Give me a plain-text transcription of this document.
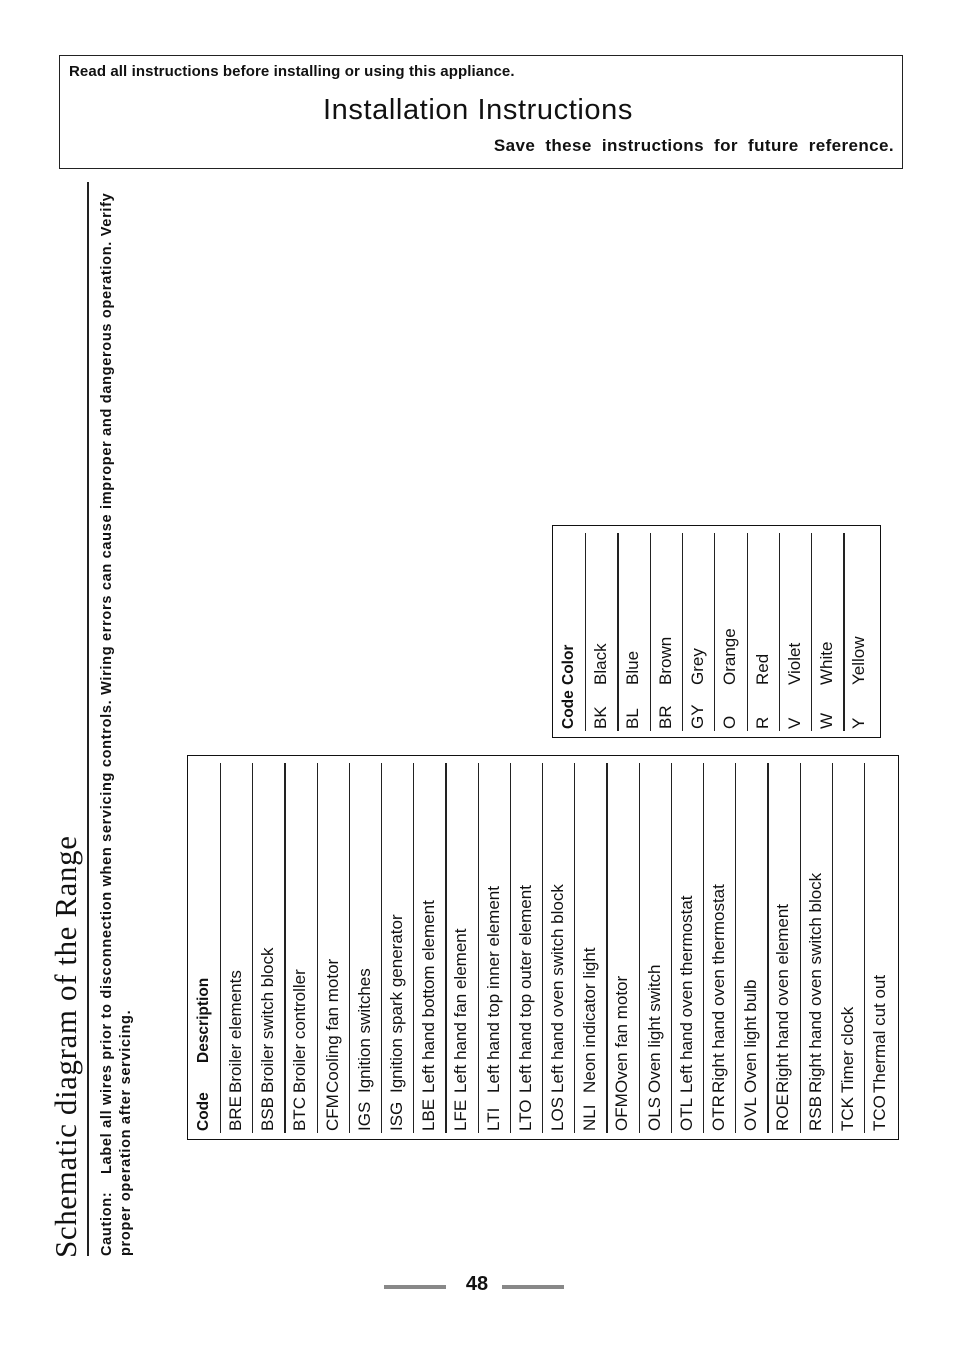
Read all instructions before installing or using this appliance.
Installation Instructions
Save these instructions for future reference.
Schematic diagram of the Range Caution:Label all wires prior to disconnection when servicing controls. Wiring errors can cause improper and dangerous operation. Verify proper operation after servicing.	Code
Description
BRE
Broiler elements
BSB
Broiler switch block
BTC
Broiler controller
CFM
Cooling fan motor
IGS
Ignition switches
ISG
Ignition spark generator
LBE
Left hand bottom element
LFE
Left hand fan element
LTI
Left hand top inner element
LTO
Left hand top outer element
LOS
Left hand oven switch block
NLI
Neon indicator light
OFM
Oven fan motor
OLS
Oven light switch
OTL
Left hand oven thermostat
OTR
Right hand oven thermostat
OVL
Oven light bulb
ROE
Right hand oven element
RSB
Right hand oven switch block
TCK
Timer clock
TCO
Thermal cut out
Code
Color
BK
Black
BL
Blue
BR
Brown
GY
Grey
O
Orange
R
Red
V
Violet
W
White
Y
Yellow
48
